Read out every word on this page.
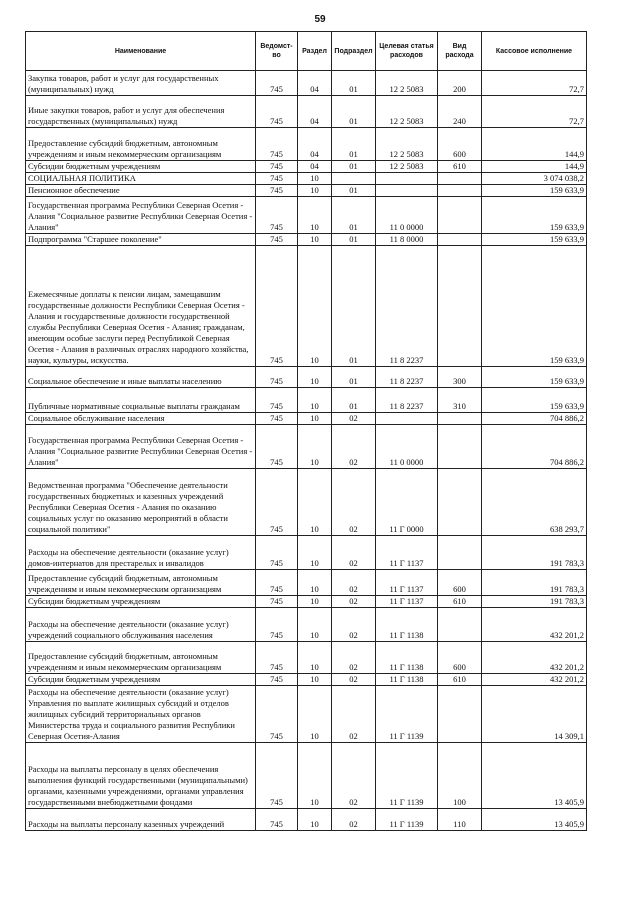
59
Наименование	Ведомст-во	Раздел	Подраздел	Целевая статья расходов	Вид расхода	Кассовое исполнение
Закупка товаров, работ и услуг для государственных (муниципальных) нужд	745	04	01	12 2 5083	200	72,7
Иные закупки товаров, работ и услуг для обеспечения государственных (муниципальных) нужд	745	04	01	12 2 5083	240	72,7
Предоставление субсидий бюджетным, автономным учреждениям и иным некоммерческим организациям	745	04	01	12 2 5083	600	144,9
Субсидии бюджетным учреждениям	745	04	01	12 2 5083	610	144,9
СОЦИАЛЬНАЯ ПОЛИТИКА	745	10				3 074 038,2
Пенсионное обеспечение	745	10	01			159 633,9
Государственная программа Республики Северная Осетия - Алания "Социальное развитие Республики Северная Осетия - Алания"	745	10	01	11 0 0000		159 633,9
Подпрограмма "Старшее поколение"	745	10	01	11 8 0000		159 633,9
Ежемесячные доплаты к пенсии лицам, замещавшим государственные должности Республики Северная Осетия - Алания и государственные должности государственной службы Республики Северная Осетия - Алания; гражданам, имеющим особые заслуги перед Республикой Северная Осетия - Алания в различных отраслях народного хозяйства, науки, культуры, искусства.	745	10	01	11 8 2237		159 633,9
Социальное обеспечение и иные выплаты населению	745	10	01	11 8 2237	300	159 633,9
Публичные нормативные социальные выплаты гражданам	745	10	01	11 8 2237	310	159 633,9
Социальное обслуживание населения	745	10	02			704 886,2
Государственная программа Республики Северная Осетия - Алания "Социальное развитие Республики Северная Осетия - Алания"	745	10	02	11 0 0000		704 886,2
Ведомственная программа "Обеспечение деятельности государственных бюджетных и казенных учреждений Республики Северная Осетия - Алания по оказанию социальных услуг по оказанию мероприятий в области социальной политики"	745	10	02	11 Г 0000		638 293,7
Расходы на обеспечение деятельности (оказание услуг) домов-интернатов для престарелых и инвалидов	745	10	02	11 Г 1137		191 783,3
Предоставление субсидий бюджетным, автономным учреждениям и иным некоммерческим организациям	745	10	02	11 Г 1137	600	191 783,3
Субсидии бюджетным учреждениям	745	10	02	11 Г 1137	610	191 783,3
Расходы на обеспечение деятельности (оказание услуг) учреждений социального обслуживания населения	745	10	02	11 Г 1138		432 201,2
Предоставление субсидий бюджетным, автономным учреждениям и иным некоммерческим организациям	745	10	02	11 Г 1138	600	432 201,2
Субсидии бюджетным учреждениям	745	10	02	11 Г 1138	610	432 201,2
Расходы на обеспечение деятельности (оказание услуг) Управления по выплате жилищных субсидий и отделов жилищных субсидий территориальных органов Министерства труда и социального развития Республики Северная Осетия-Алания	745	10	02	11 Г 1139		14 309,1
Расходы на выплаты персоналу в целях обеспечения выполнения функций государственными (муниципальными) органами, казенными учреждениями, органами управления государственными внебюджетными фондами	745	10	02	11 Г 1139	100	13 405,9
Расходы на выплаты персоналу казенных учреждений	745	10	02	11 Г 1139	110	13 405,9
